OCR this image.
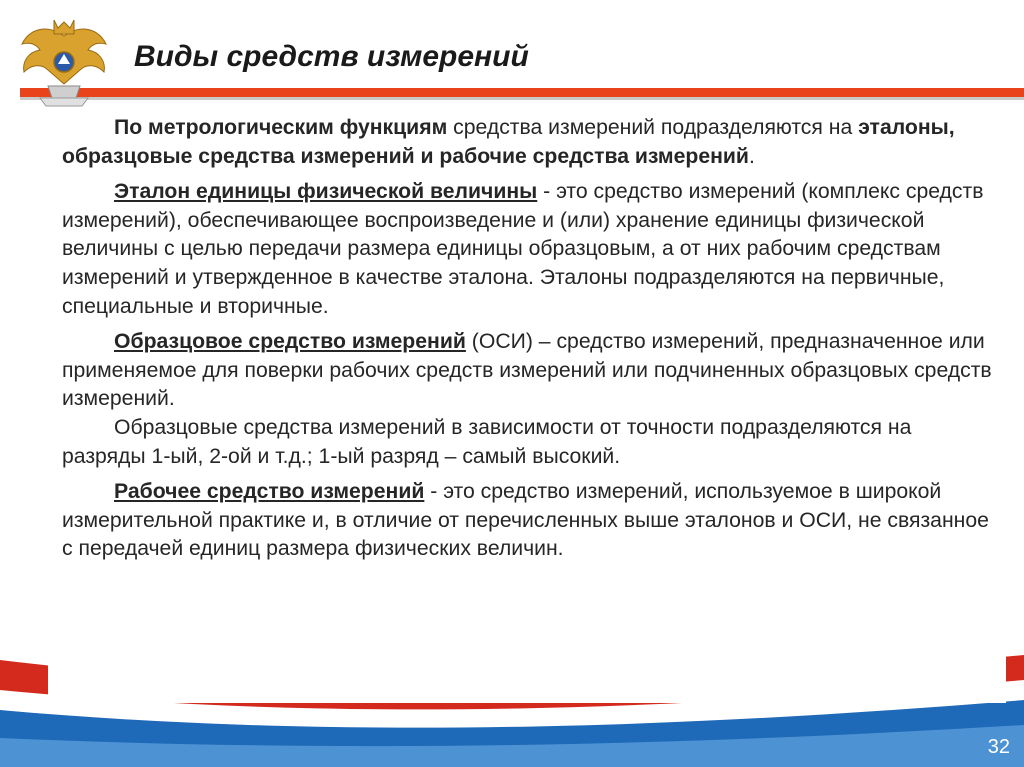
Виды средств измерений

По метрологическим функциям средства измерений подразделяются на эталоны, образцовые средства измерений и рабочие средства измерений.

Эталон единицы физической величины - это средство измерений (комплекс средств измерений), обеспечивающее воспроизведение и (или) хранение единицы физической величины с целью передачи размера единицы образцовым, а от них рабочим средствам измерений и утвержденное в качестве эталона. Эталоны подразделяются на первичные, специальные и вторичные.

Образцовое средство измерений (ОСИ) – средство измерений, предназначенное или применяемое для поверки рабочих средств измерений или подчиненных образцовых средств измерений.

Образцовые средства измерений в зависимости от точности подразделяются на разряды 1-ый, 2-ой и т.д.; 1-ый разряд – самый высокий.

Рабочее средство измерений - это средство измерений, используемое в широкой измерительной практике и, в отличие от перечисленных выше эталонов и ОСИ, не связанное с передачей единиц размера физических величин.

32
